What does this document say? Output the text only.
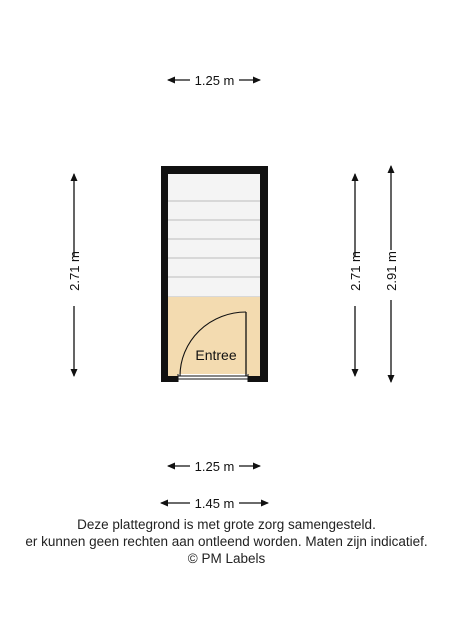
1.25 m
2.71 m	2.71 m 2.91 m
Entree
1.25 m
1.45 m
Deze plattegrond is met grote zorg samengesteld.
er kunnen geen rechten aan ontleend worden. Maten zijn indicatief.
© PM Labels
